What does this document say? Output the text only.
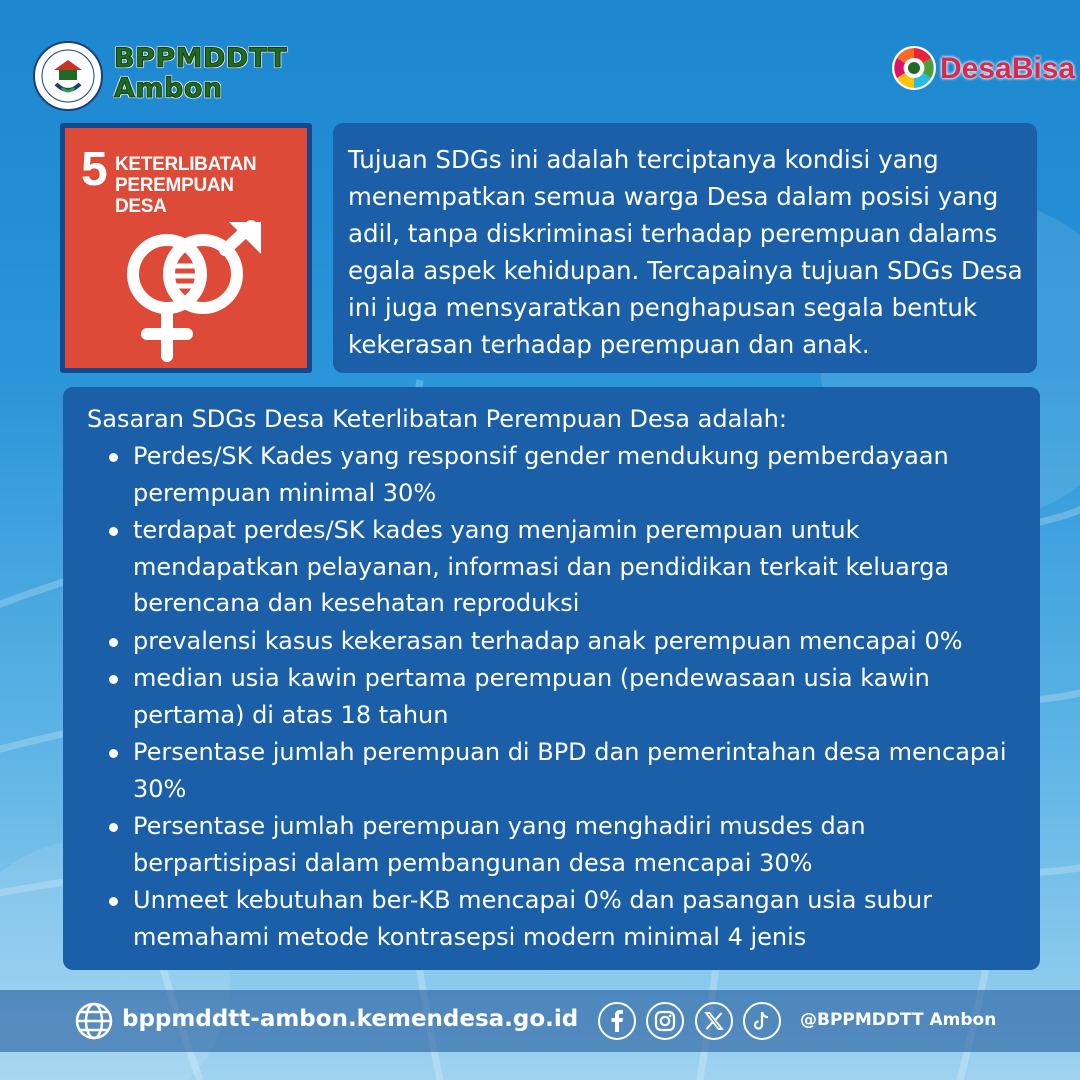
BPPMDDTT
Ambon
DesaBisa
5 KETERLIBATAN
PEREMPUAN
DESA

Tujuan SDGs ini adalah terciptanya kondisi yang menempatkan semua warga Desa dalam posisi yang adil, tanpa diskriminasi terhadap perempuan dalams egala aspek kehidupan. Tercapainya tujuan SDGs Desa ini juga mensyaratkan penghapusan segala bentuk kekerasan terhadap perempuan dan anak.

Sasaran SDGs Desa Keterlibatan Perempuan Desa adalah:
Perdes/SK Kades yang responsif gender mendukung pemberdayaan perempuan minimal 30%
terdapat perdes/SK kades yang menjamin perempuan untuk mendapatkan pelayanan, informasi dan pendidikan terkait keluarga berencana dan kesehatan reproduksi
prevalensi kasus kekerasan terhadap anak perempuan mencapai 0%
median usia kawin pertama perempuan (pendewasaan usia kawin pertama) di atas 18 tahun
Persentase jumlah perempuan di BPD dan pemerintahan desa mencapai 30%
Persentase jumlah perempuan yang menghadiri musdes dan berpartisipasi dalam pembangunan desa mencapai 30%
Unmeet kebutuhan ber-KB mencapai 0% dan pasangan usia subur memahami metode kontrasepsi modern minimal 4 jenis
bppmddtt-ambon.kemendesa.go.id	@BPPMDDTT Ambon
